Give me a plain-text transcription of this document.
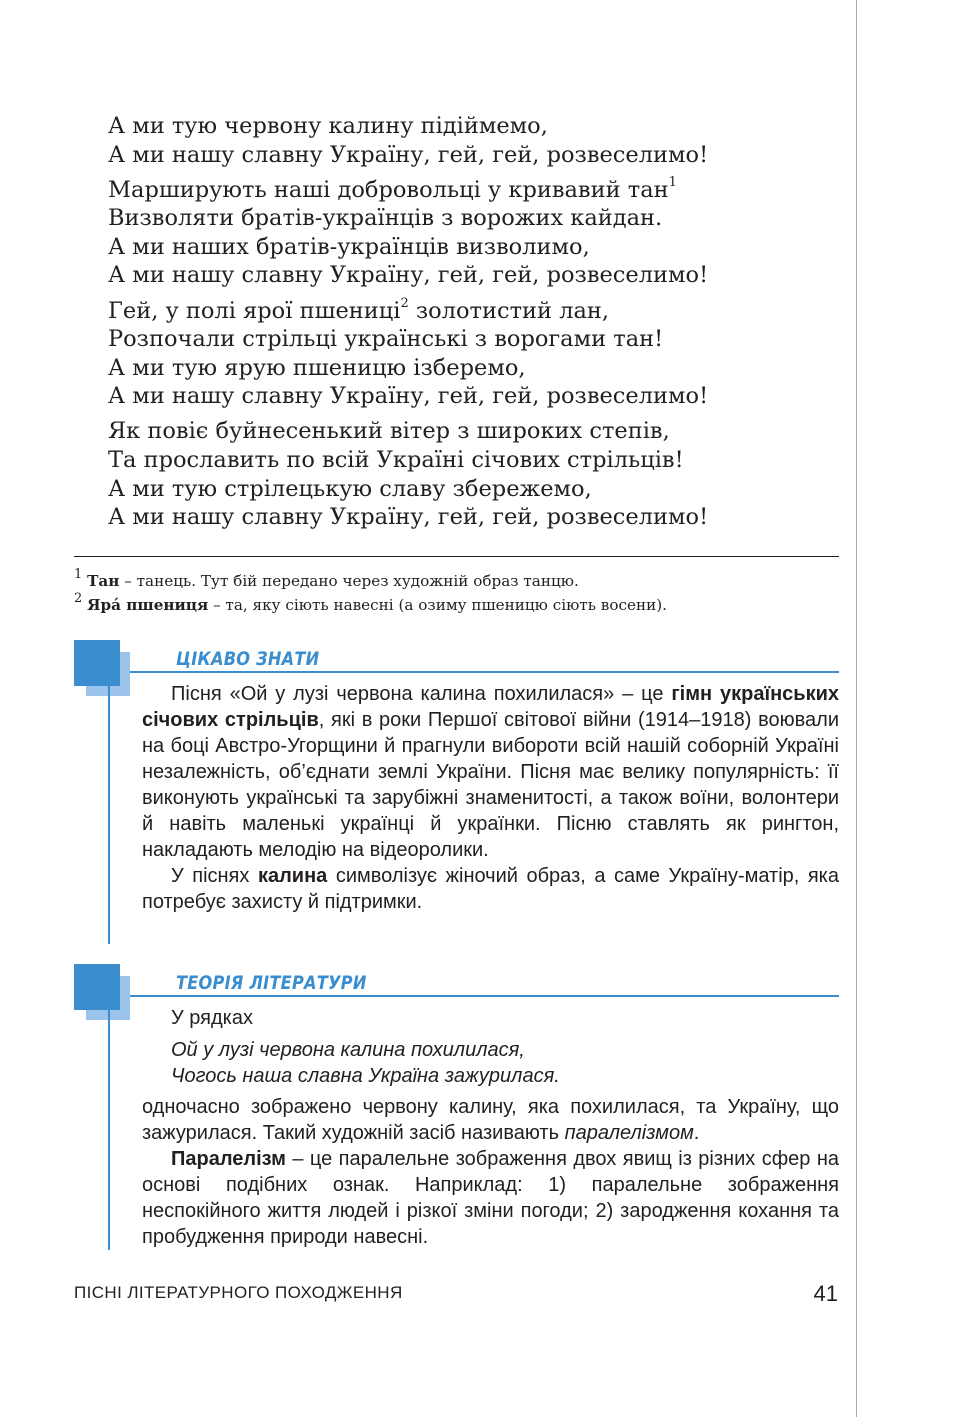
А ми тую червону калину підіймемо,
А ми нашу славну Україну, гей, гей, розвеселимо!
Марширують наші добровольці у кривавий тан$^1$
Визволяти братів-українців з ворожих кайдан.
А ми наших братів-українців визволимо,
А ми нашу славну Україну, гей, гей, розвеселимо!
Гей, у полі ярої пшениці$^2$ золотистий лан,
Розпочали стрільці українські з ворогами тан!
А ми тую ярую пшеницю ізберемо,
А ми нашу славну Україну, гей, гей, розвеселимо!
Як повіє буйнесенький вітер з широких степів,
Та прославить по всій Україні січових стрільців!
А ми тую стрілецькую славу збережемо,
А ми нашу славну Україну, гей, гей, розвеселимо!
$^1$ Тан – танець. Тут бій передано через художній образ танцю.
$^2$ Ярá пшениця – та, яку сіють навесні (а озиму пшеницю сіють восени).
ЦІКАВО ЗНАТИ

Пісня «Ой у лузі червона калина похилилася» – це гімн українських січових стрільців, які в роки Першої світової війни (1914–1918) воювали на боці Австро-Угорщини й прагнули вибороти всій нашій соборній Україні незалежність, об’єднати землі України. Пісня має велику популярність: її виконують українські та зарубіжні знаменитості, а також воїни, волонтери й навіть маленькі українці й українки. Пісню ставлять як рингтон, накладають мелодію на відеоролики.

У піснях калина символізує жіночий образ, а саме Україну-матір, яка потребує захисту й підтримки.

ТЕОРІЯ ЛІТЕРАТУРИ

У рядках

Ой у лузі червона калина похилилася,
Чогось наша славна Україна зажурилася.

одночасно зображено червону калину, яка похилилася, та Україну, що зажурилася. Такий художній засіб називають паралелізмом.

Паралелізм – це паралельне зображення двох явищ із різних сфер на основі подібних ознак. Наприклад: 1) паралельне зображення неспокійного життя людей і різкої зміни погоди; 2) зародження кохання та пробудження природи навесні.

ПІСНІ ЛІТЕРАТУРНОГО ПОХОДЖЕННЯ	41
